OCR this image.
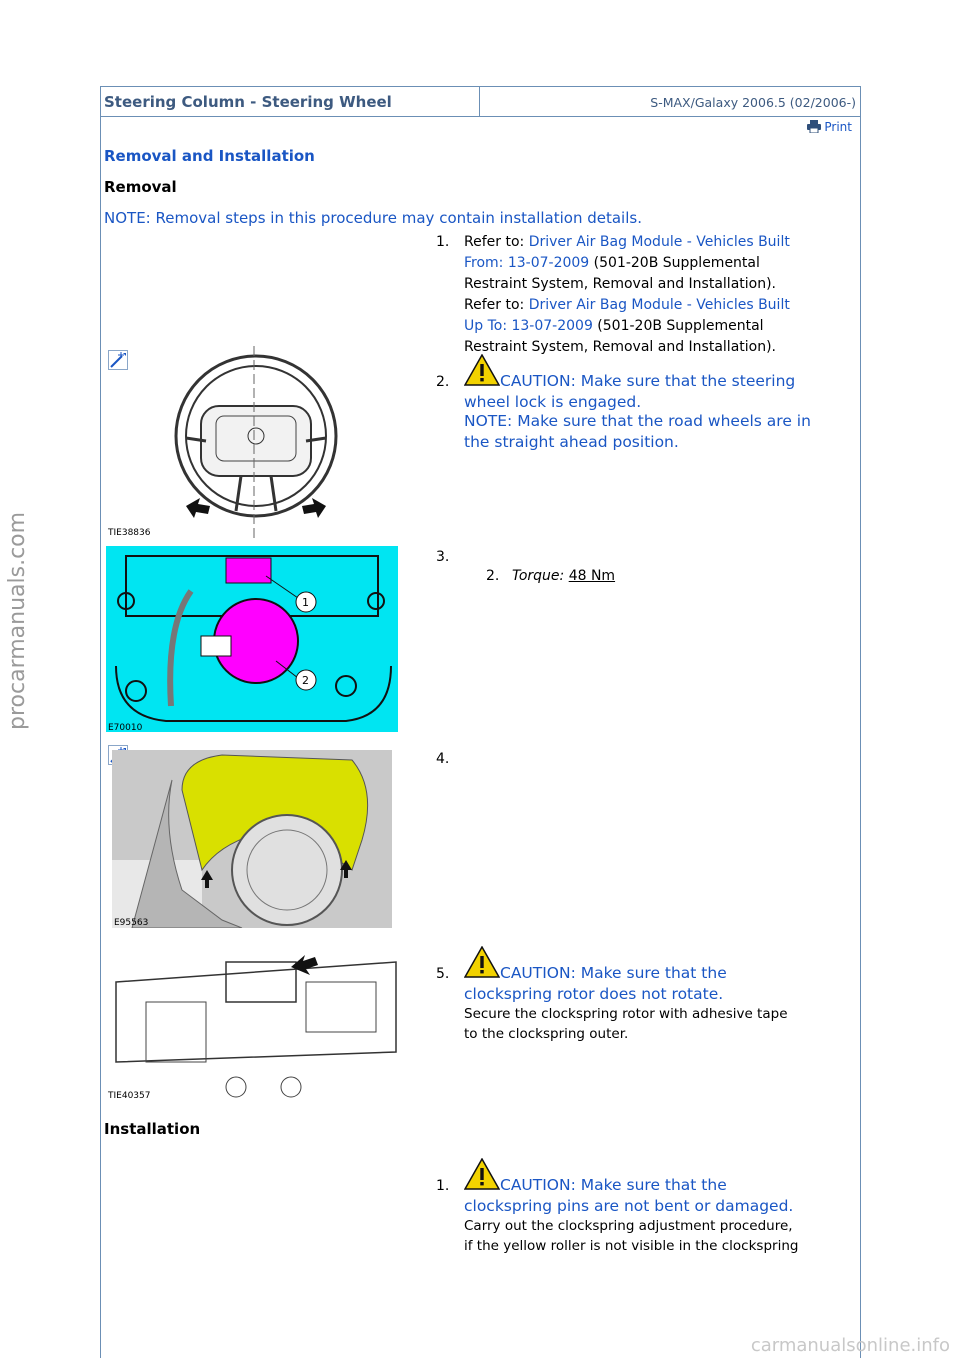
Steering Column - Steering Wheel	S-MAX/Galaxy 2006.5 (02/2006-)
Print
Removal and Installation
Removal
NOTE: Removal steps in this procedure may contain installation details.
1. Refer to: Driver Air Bag Module - Vehicles Built
From: 13-07-2009 (501-20B Supplemental
Restraint System, Removal and Installation).
Refer to: Driver Air Bag Module - Vehicles Built
Up To: 13-07-2009 (501-20B Supplemental
Restraint System, Removal and Installation).
TIE38836
2.	CAUTION: Make sure that the steering
wheel lock is engaged.
NOTE: Make sure that the road wheels are in
the straight ahead position.
1
2
E70010
3.
2. Torque: 48 Nm
E95563
4.
TIE40357
5.	CAUTION: Make sure that the
clockspring rotor does not rotate.
Secure the clockspring rotor with adhesive tape
to the clockspring outer.
Installation
1.	CAUTION: Make sure that the
clockspring pins are not bent or damaged.
Carry out the clockspring adjustment procedure,
if the yellow roller is not visible in the clockspring
procarmanuals.com
carmanualsonline.info
